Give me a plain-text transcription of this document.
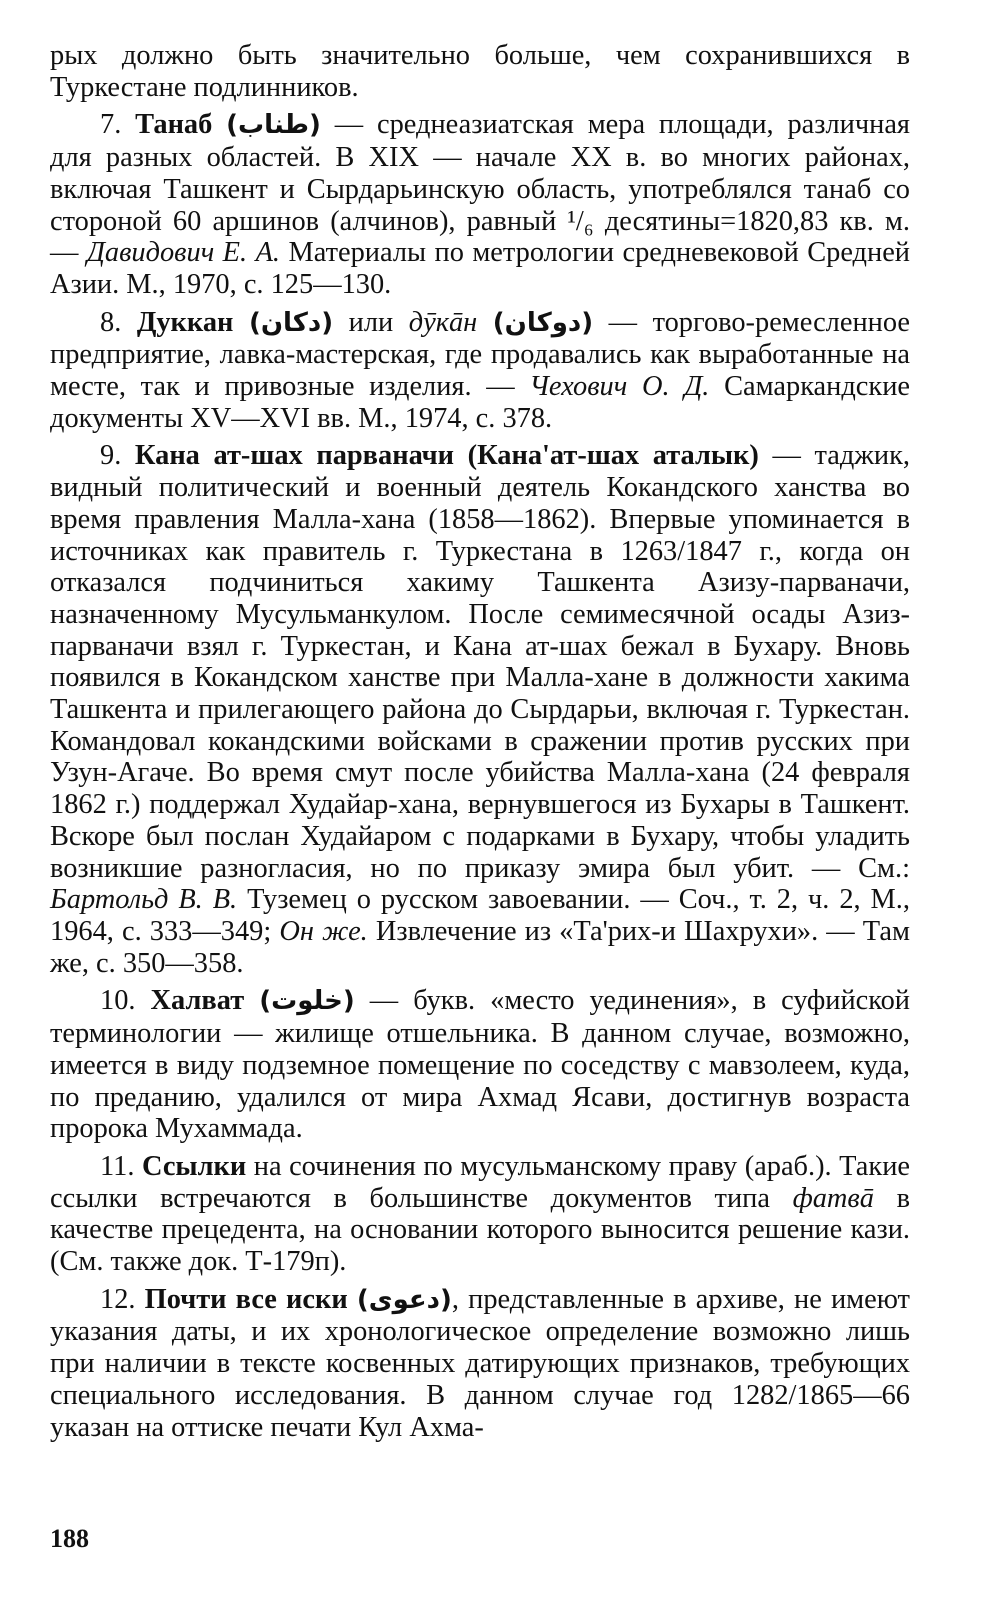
рых должно быть значительно больше, чем сохранившихся в Туркестане подлинников.

7. Танаб (طناب) — среднеазиатская мера площади, различная для разных областей. В XIX — начале XX в. во многих районах, включая Ташкент и Сырдарьинскую область, употреблялся танаб со стороной 60 аршинов (алчинов), равный ¹/₆ десятины=1820,83 кв. м. — Давидович Е. А. Материалы по метрологии средневековой Средней Азии. М., 1970, с. 125—130.

8. Дуккан (دکان) или дӯкāн (دوکان) — торгово-ремесленное предприятие, лавка-мастерская, где продавались как выработанные на месте, так и привозные изделия. — Чехович О. Д. Самаркандские документы XV—XVI вв. М., 1974, с. 378.

9. Кана ат-шах парваначи (Кана'ат-шах аталык) — таджик, видный политический и военный деятель Кокандского ханства во время правления Малла-хана (1858—1862). Впервые упоминается в источниках как правитель г. Туркестана в 1263/1847 г., когда он отказался подчиниться хакиму Ташкента Азизу-парваначи, назначенному Мусульманкулом. После семимесячной осады Азиз-парваначи взял г. Туркестан, и Кана ат-шах бежал в Бухару. Вновь появился в Кокандском ханстве при Малла-хане в должности хакима Ташкента и прилегающего района до Сырдарьи, включая г. Туркестан. Командовал кокандскими войсками в сражении против русских при Узун-Агаче. Во время смут после убийства Малла-хана (24 февраля 1862 г.) поддержал Худайар-хана, вернувшегося из Бухары в Ташкент. Вскоре был послан Худайаром с подарками в Бухару, чтобы уладить возникшие разногласия, но по приказу эмира был убит. — См.: Бартольд В. В. Туземец о русском завоевании. — Соч., т. 2, ч. 2, М., 1964, с. 333—349; Он же. Извлечение из «Та'рих-и Шахрухи». — Там же, с. 350—358.

10. Халват (خلوت) — букв. «место уединения», в суфийской терминологии — жилище отшельника. В данном случае, возможно, имеется в виду подземное помещение по соседству с мавзолеем, куда, по преданию, удалился от мира Ахмад Ясави, достигнув возраста пророка Мухаммада.

11. Ссылки на сочинения по мусульманскому праву (араб.). Такие ссылки встречаются в большинстве документов типа фатвā в качестве прецедента, на основании которого выносится решение кази. (См. также док. Т-179п).

12. Почти все иски (دعوی), представленные в архиве, не имеют указания даты, и их хронологическое определение возможно лишь при наличии в тексте косвенных датирующих признаков, требующих специального исследования. В данном случае год 1282/1865—66 указан на оттиске печати Кул Ахма-

188
